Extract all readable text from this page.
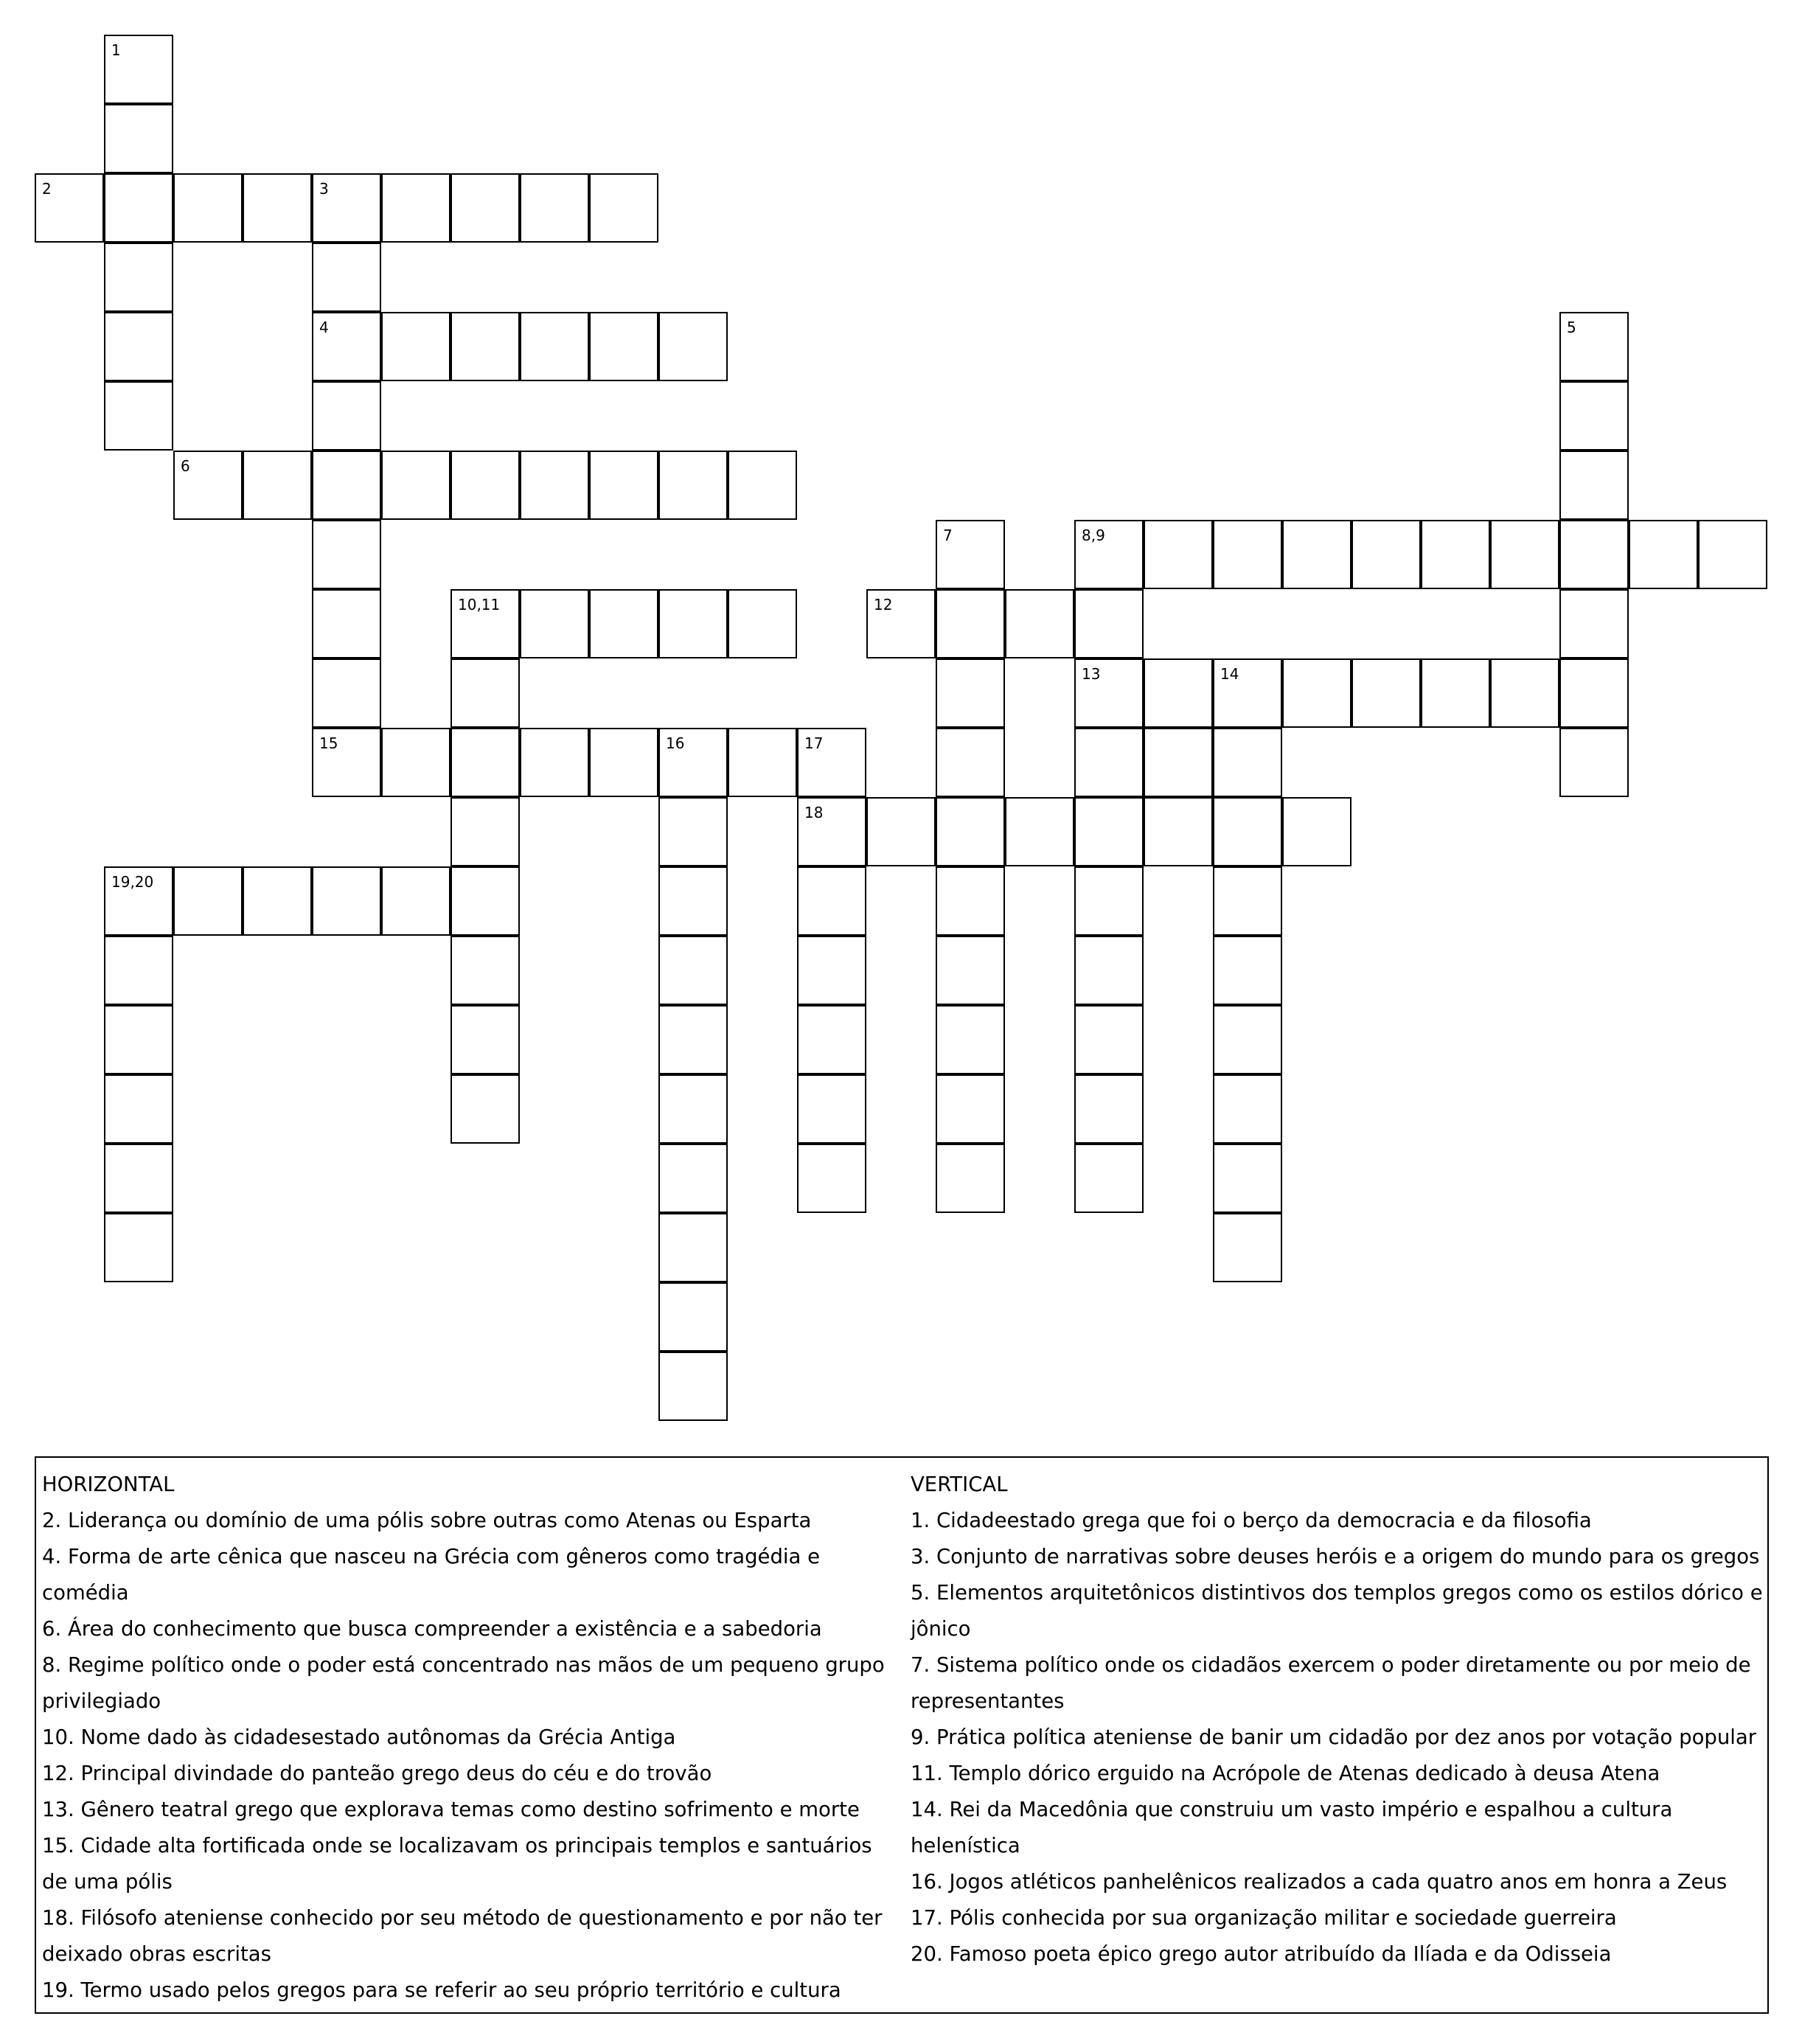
1
2	3
4	5
6
7	8,9
10,11	12
13	14
15	16	17
18
19,20

HORIZONTAL

2. Liderança ou domínio de uma pólis sobre outras como Atenas ou Esparta

4. Forma de arte cênica que nasceu na Grécia com gêneros como tragédia e comédia

6. Área do conhecimento que busca compreender a existência e a sabedoria

8. Regime político onde o poder está concentrado nas mãos de um pequeno grupo privilegiado

10. Nome dado às cidadesestado autônomas da Grécia Antiga

12. Principal divindade do panteão grego deus do céu e do trovão

13. Gênero teatral grego que explorava temas como destino sofrimento e morte

15. Cidade alta fortificada onde se localizavam os principais templos e santuários de uma pólis

18. Filósofo ateniense conhecido por seu método de questionamento e por não ter deixado obras escritas

19. Termo usado pelos gregos para se referir ao seu próprio território e cultura

VERTICAL

1. Cidadeestado grega que foi o berço da democracia e da filosofia

3. Conjunto de narrativas sobre deuses heróis e a origem do mundo para os gregos

5. Elementos arquitetônicos distintivos dos templos gregos como os estilos dórico e jônico

7. Sistema político onde os cidadãos exercem o poder diretamente ou por meio de representantes

9. Prática política ateniense de banir um cidadão por dez anos por votação popular

11. Templo dórico erguido na Acrópole de Atenas dedicado à deusa Atena

14. Rei da Macedônia que construiu um vasto império e espalhou a cultura helenística

16. Jogos atléticos panhelênicos realizados a cada quatro anos em honra a Zeus

17. Pólis conhecida por sua organização militar e sociedade guerreira

20. Famoso poeta épico grego autor atribuído da Ilíada e da Odisseia
